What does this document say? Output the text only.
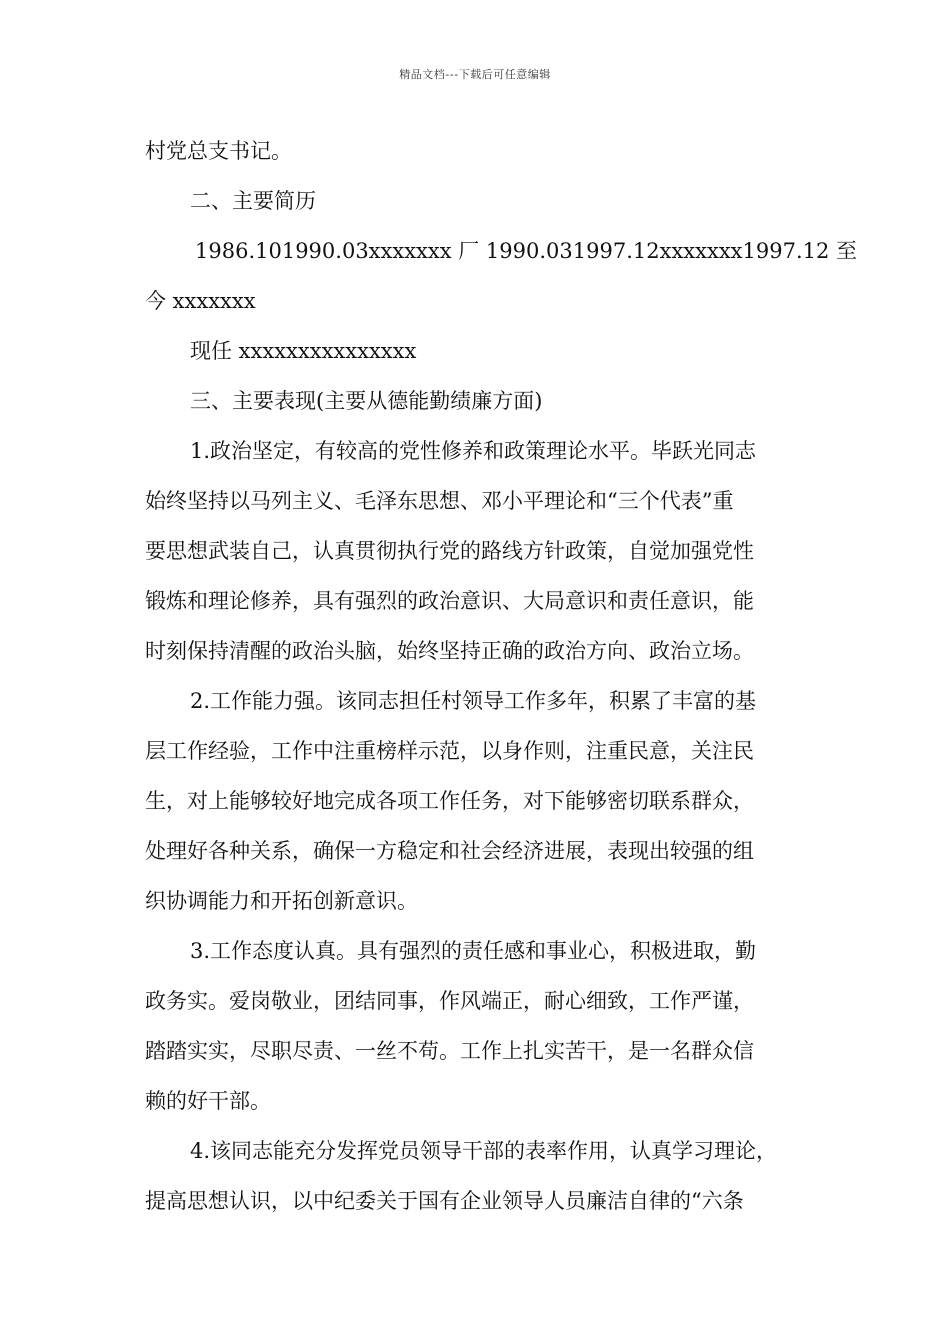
精品文档---下载后可任意编辑
村党总支书记。
二、主要简历
1986.101990.03xxxxxxx 厂 1990.031997.12xxxxxxx1997.12 至
今 xxxxxxx
现任 xxxxxxxxxxxxxxx
三、主要表现(主要从德能勤绩廉方面)
1.政治坚定，有较高的党性修养和政策理论水平。毕跃光同志
始终坚持以马列主义、毛泽东思想、邓小平理论和“三个代表”重
要思想武装自己，认真贯彻执行党的路线方针政策，自觉加强党性
锻炼和理论修养，具有强烈的政治意识、大局意识和责任意识，能
时刻保持清醒的政治头脑，始终坚持正确的政治方向、政治立场。
2.工作能力强。该同志担任村领导工作多年，积累了丰富的基
层工作经验，工作中注重榜样示范，以身作则，注重民意，关注民
生，对上能够较好地完成各项工作任务，对下能够密切联系群众，
处理好各种关系，确保一方稳定和社会经济进展，表现出较强的组
织协调能力和开拓创新意识。
3.工作态度认真。具有强烈的责任感和事业心，积极进取，勤
政务实。爱岗敬业，团结同事，作风端正，耐心细致，工作严谨，
踏踏实实，尽职尽责、一丝不苟。工作上扎实苦干，是一名群众信
赖的好干部。
4.该同志能充分发挥党员领导干部的表率作用，认真学习理论，
提高思想认识，以中纪委关于国有企业领导人员廉洁自律的“六条
